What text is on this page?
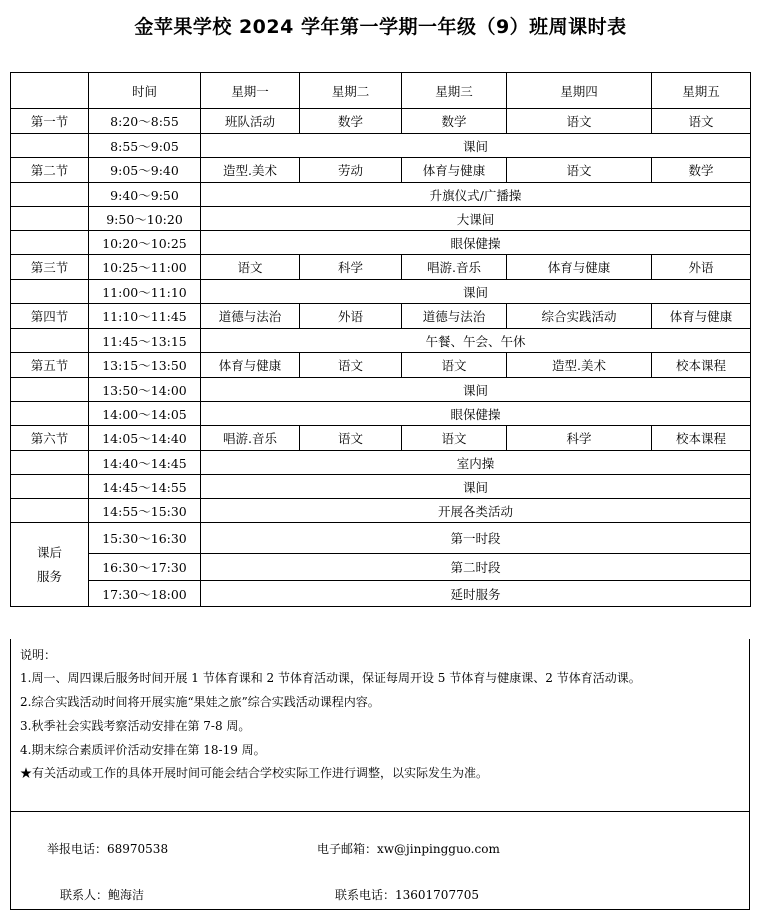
金苹果学校 2024 学年第一学期一年级（9）班周课时表
	时间	星期一	星期二	星期三	星期四	星期五
第一节	8:20～8:55	班队活动	数学	数学	语文	语文
	8:55～9:05	课间				
第二节	9:05～9:40	造型.美术	劳动	体育与健康	语文	数学
	9:40～9:50	升旗仪式/广播操				
	9:50～10:20	大课间				
	10:20～10:25	眼保健操				
第三节	10:25～11:00	语文	科学	唱游.音乐	体育与健康	外语
	11:00～11:10	课间				
第四节	11:10～11:45	道德与法治	外语	道德与法治	综合实践活动	体育与健康
	11:45～13:15	午餐、午会、午休				
第五节	13:15～13:50	体育与健康	语文	语文	造型.美术	校本课程
	13:50～14:00	课间				
	14:00～14:05	眼保健操				
第六节	14:05～14:40	唱游.音乐	语文	语文	科学	校本课程
	14:40～14:45	室内操				
	14:45～14:55	课间				
	14:55～15:30	开展各类活动				

课后
服务	15:30～16:30	第一时段				
	16:30～17:30	第二时段				
	17:30～18:00	延时服务				
说明：
1.周一、周四课后服务时间开展 1 节体育课和 2 节体育活动课，保证每周开设 5 节体育与健康课、2 节体育活动课。
2.综合实践活动时间将开展实施“果娃之旅”综合实践活动课程内容。
3.秋季社会实践考察活动安排在第 7-8 周。
4.期末综合素质评价活动安排在第 18-19 周。
★有关活动或工作的具体开展时间可能会结合学校实际工作进行调整，以实际发生为准。
举报电话：68970538	电子邮箱：xw@jinpingguo.com
联系人：鲍海洁	联系电话：13601707705
